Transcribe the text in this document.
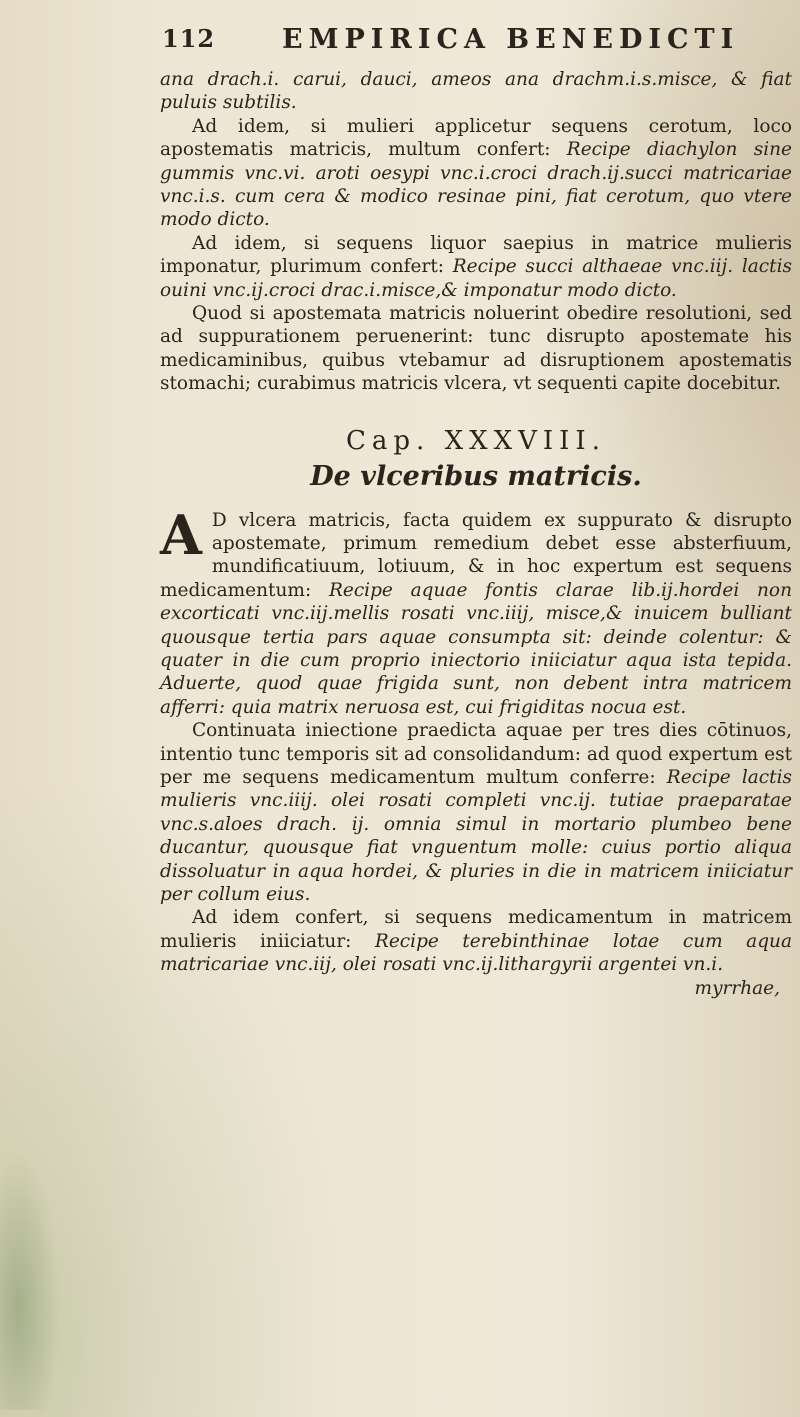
112 EMPIRICA BENEDICTI

ana drach.i. carui, dauci, ameos ana drachm.i.s.misce, & fiat puluis subtilis.

Ad idem, si mulieri applicetur sequens cerotum, loco apostematis matricis, multum confert: Recipe diachylon sine gummis vnc.vi. aroti oesypi vnc.i.croci drach.ij.succi matricariae vnc.i.s. cum cera & modico resinae pini, fiat cerotum, quo vtere modo dicto.

Ad idem, si sequens liquor saepius in matrice mulieris imponatur, plurimum confert: Recipe succi althaeae vnc.iij. lactis ouini vnc.ij.croci drac.i.misce,& imponatur modo dicto.

Quod si apostemata matricis noluerint obedire resolutioni, sed ad suppurationem peruenerint: tunc disrupto apostemate his medicaminibus, quibus vtebamur ad disruptionem apostematis stomachi; curabimus matricis vlcera, vt sequenti capite docebitur.

Cap. XXXVIII.
De vlceribus matricis.

A D vlcera matricis, facta quidem ex suppurato & disrupto apostemate, primum remedium debet esse absterfiuum, mundificatiuum, lotiuum, & in hoc expertum est sequens medicamentum: Recipe aquae fontis clarae lib.ij.hordei non excorticati vnc.iij.mellis rosati vnc.iiij, misce,& inuicem bulliant quousque tertia pars aquae consumpta sit: deinde colentur: & quater in die cum proprio iniectorio iniiciatur aqua ista tepida. Aduerte, quod quae frigida sunt, non debent intra matricem afferri: quia matrix neruosa est, cui frigiditas nocua est.

Continuata iniectione praedicta aquae per tres dies cōtinuos, intentio tunc temporis sit ad consolidandum: ad quod expertum est per me sequens medicamentum multum conferre: Recipe lactis mulieris vnc.iiij. olei rosati completi vnc.ij. tutiae praeparatae vnc.s.aloes drach. ij. omnia simul in mortario plumbeo bene ducantur, quousque fiat vnguentum molle: cuius portio aliqua dissoluatur in aqua hordei, & pluries in die in matricem iniiciatur per collum eius.

Ad idem confert, si sequens medicamentum in matricem mulieris iniiciatur: Recipe terebinthinae lotae cum aqua matricariae vnc.iij, olei rosati vnc.ij.lithargyrii argentei vn.i.

myrrhae,
